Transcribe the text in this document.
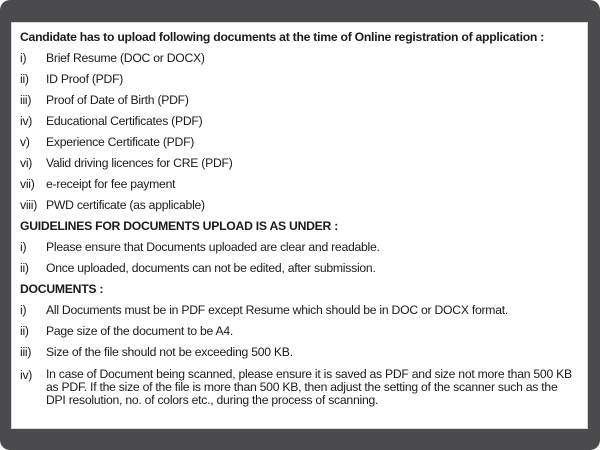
Candidate has to upload following documents at the time of Online registration of application :
i)	Brief Resume (DOC or DOCX)
ii)	ID Proof (PDF)
iii)	Proof of Date of Birth (PDF)
iv)	Educational Certificates (PDF)
v)	Experience Certificate (PDF)
vi)	Valid driving licences for CRE (PDF)
vii) e-receipt for fee payment
viii) PWD certificate (as applicable)
GUIDELINES FOR DOCUMENTS UPLOAD IS AS UNDER :
i)	Please ensure that Documents uploaded are clear and readable.
ii)	Once uploaded, documents can not be edited, after submission.
DOCUMENTS :
i)	All Documents must be in PDF except Resume which should be in DOC or DOCX format.
ii)	Page size of the document to be A4.
iii)	Size of the file should not be exceeding 500 KB.
iv)	In case of Document being scanned, please ensure it is saved as PDF and size not more than 500 KB as PDF. If the size of the file is more than 500 KB, then adjust the setting of the scanner such as the DPI resolution, no. of colors etc., during the process of scanning.
